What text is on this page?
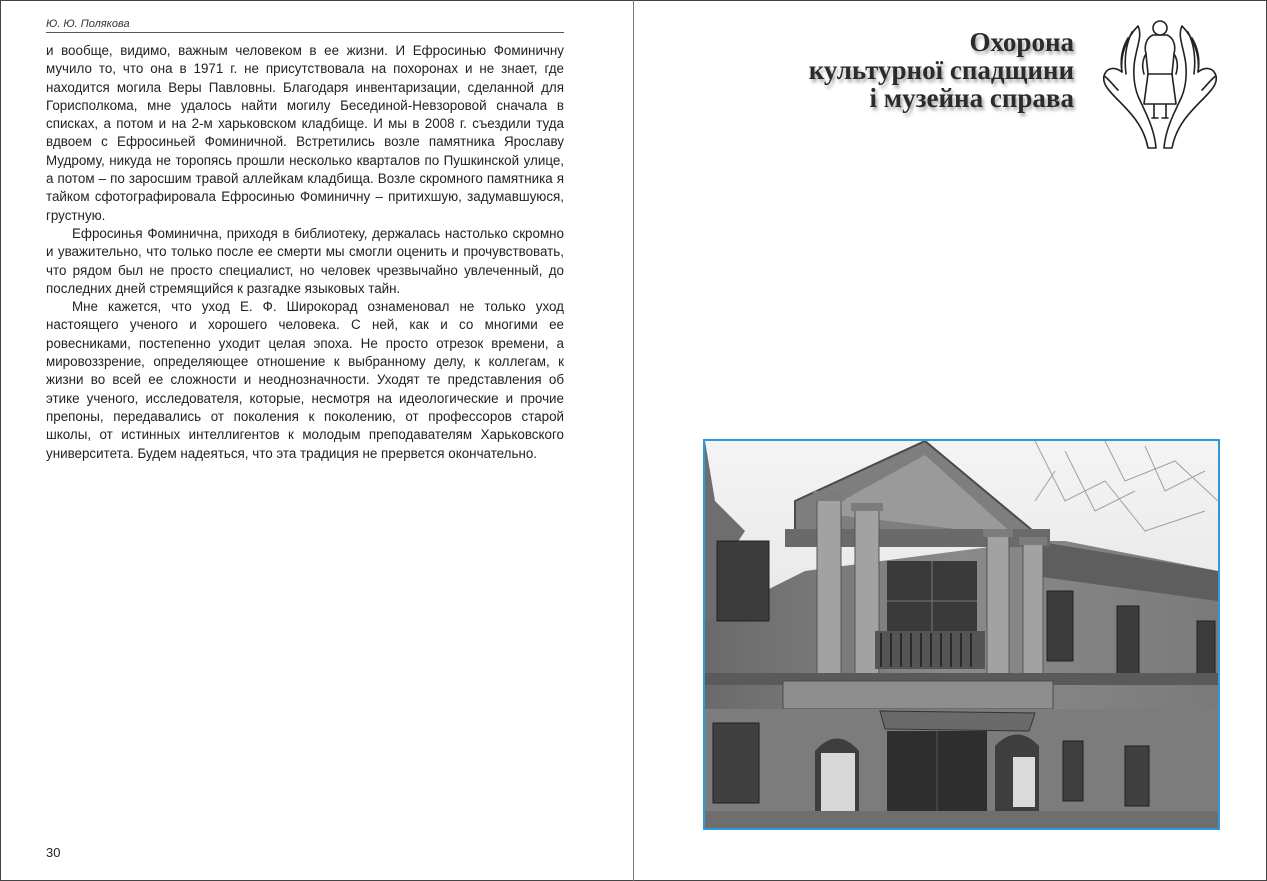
Ю. Ю. Полякова

и вообще, видимо, важным человеком в ее жизни. И Ефросинью Фоминичну мучило то, что она в 1971 г. не присутствовала на похоронах и не знает, где находится могила Веры Павловны. Благодаря инвентаризации, сделанной для Горисполкома, мне удалось найти могилу Бесединой-Невзоровой сначала в списках, а потом и на 2-м харьковском кладбище. И мы в 2008 г. съездили туда вдвоем с Ефросиньей Фоминичной. Встретились возле памятника Ярославу Мудрому, никуда не торопясь прошли несколько кварталов по Пушкинской улице, а потом – по заросшим травой аллейкам кладбища. Возле скромного памятника я тайком сфотографировала Ефросинью Фоминичну – притихшую, задумавшуюся, грустную.

Ефросинья Фоминична, приходя в библиотеку, держалась настолько скромно и уважительно, что только после ее смерти мы смогли оценить и прочувствовать, что рядом был не просто специалист, но человек чрезвычайно увлеченный, до последних дней стремящийся к разгадке языковых тайн.

Мне кажется, что уход Е. Ф. Широкорад ознаменовал не только уход настоящего ученого и хорошего человека. С ней, как и со многими ее ровесниками, постепенно уходит целая эпоха. Не просто отрезок времени, а мировоззрение, определяющее отношение к выбранному делу, к коллегам, к жизни во всей ее сложности и неоднозначности. Уходят те представления об этике ученого, исследователя, которые, несмотря на идеологические и прочие препоны, передавались от поколения к поколению, от профессоров старой школы, от истинных интеллигентов к молодым преподавателям Харьковского университета. Будем надеяться, что эта традиция не прервется окончательно.

30
Охорона
культурної спадщини
і музейна справа
